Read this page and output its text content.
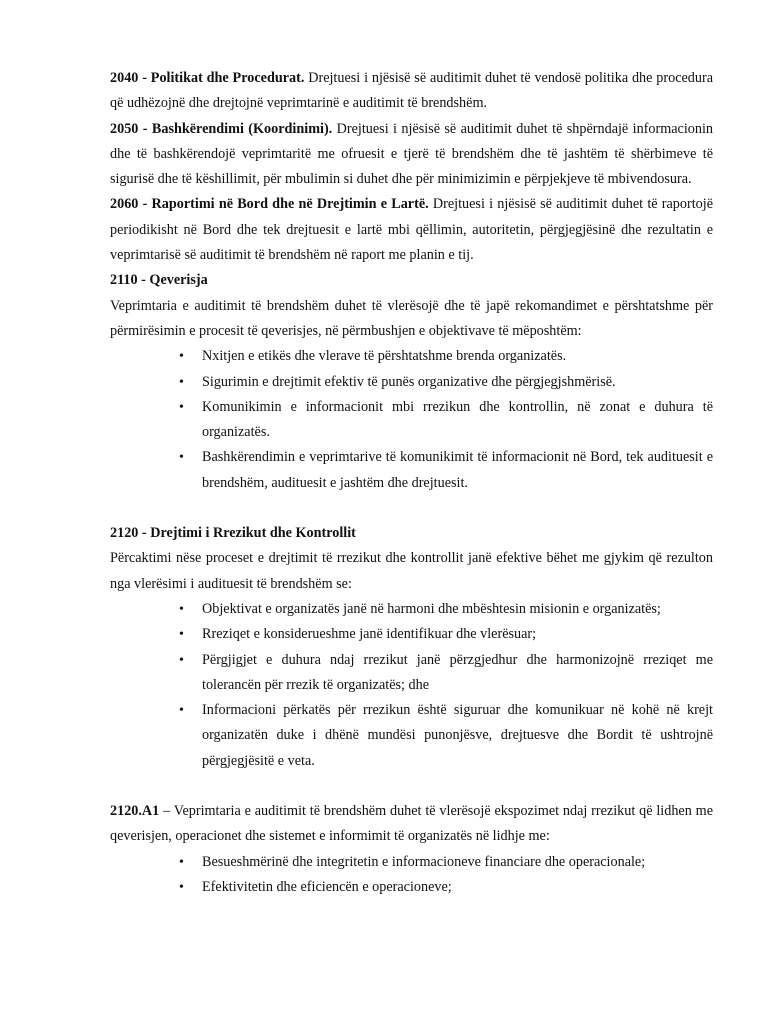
2040 - Politikat dhe Procedurat. Drejtuesi i njësisë së auditimit duhet të vendosë politika dhe procedura që udhëzojnë dhe drejtojnë veprimtarinë e auditimit të brendshëm.

2050 - Bashkërendimi (Koordinimi). Drejtuesi i njësisë së auditimit duhet të shpërndajë informacionin dhe të bashkërendojë veprimtaritë me ofruesit e tjerë të brendshëm dhe të jashtëm të shërbimeve të sigurisë dhe të këshillimit, për mbulimin si duhet dhe për minimizimin e përpjekjeve të mbivendosura.

2060 - Raportimi në Bord dhe në Drejtimin e Lartë. Drejtuesi i njësisë së auditimit duhet të raportojë periodikisht në Bord dhe tek drejtuesit e lartë mbi qëllimin, autoritetin, përgjegjësinë dhe rezultatin e veprimtarisë së auditimit të brendshëm në raport me planin e tij.

2110 - Qeverisja

Veprimtaria e auditimit të brendshëm duhet të vlerësojë dhe të japë rekomandimet e përshtatshme për përmirësimin e procesit të qeverisjes, në përmbushjen e objektivave të mëposhtëm:

• Nxitjen e etikës dhe vlerave të përshtatshme brenda organizatës.
• Sigurimin e drejtimit efektiv të punës organizative dhe përgjegjshmërisë.
• Komunikimin e informacionit mbi rrezikun dhe kontrollin, në zonat e duhura të organizatës.
• Bashkërendimin e veprimtarive të komunikimit të informacionit në Bord, tek audituesit e brendshëm, audituesit e jashtëm dhe drejtuesit.

2120 - Drejtimi i Rrezikut dhe Kontrollit

Përcaktimi nëse proceset e drejtimit të rrezikut dhe kontrollit janë efektive bëhet me gjykim që rezulton nga vlerësimi i audituesit të brendshëm se:

• Objektivat e organizatës janë në harmoni dhe mbështesin misionin e organizatës;
• Rreziqet e konsiderueshme janë identifikuar dhe vlerësuar;
• Përgjigjet e duhura ndaj rrezikut janë përzgjedhur dhe harmonizojnë rreziqet me tolerancën për rrezik të organizatës; dhe
• Informacioni përkatës për rrezikun është siguruar dhe komunikuar në kohë në krejt organizatën duke i dhënë mundësi punonjësve, drejtuesve dhe Bordit të ushtrojnë përgjegjësitë e veta.

2120.A1 – Veprimtaria e auditimit të brendshëm duhet të vlerësojë ekspozimet ndaj rrezikut që lidhen me qeverisjen, operacionet dhe sistemet e informimit të organizatës në lidhje me:

• Besueshmërinë dhe integritetin e informacioneve financiare dhe operacionale;
• Efektivitetin dhe eficiencën e operacioneve;
